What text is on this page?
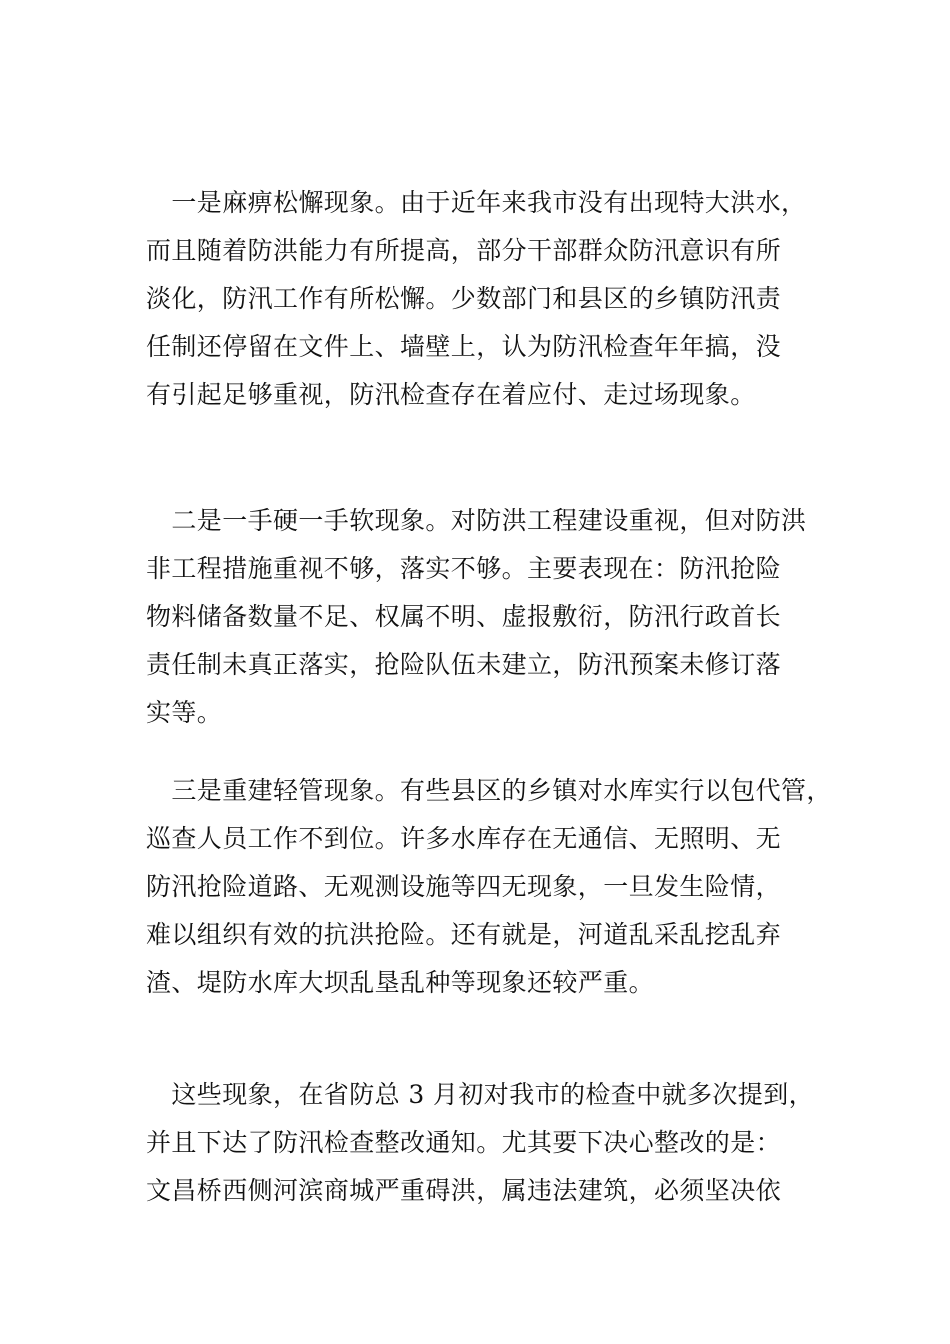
　一是麻痹松懈现象。由于近年来我市没有出现特大洪水，
而且随着防洪能力有所提高，部分干部群众防汛意识有所
淡化，防汛工作有所松懈。少数部门和县区的乡镇防汛责
任制还停留在文件上、墙壁上，认为防汛检查年年搞，没
有引起足够重视，防汛检查存在着应付、走过场现象。
　二是一手硬一手软现象。对防洪工程建设重视，但对防洪
非工程措施重视不够，落实不够。主要表现在：防汛抢险
物料储备数量不足、权属不明、虚报敷衍，防汛行政首长
责任制未真正落实，抢险队伍未建立，防汛预案未修订落
实等。
　三是重建轻管现象。有些县区的乡镇对水库实行以包代管，
巡查人员工作不到位。许多水库存在无通信、无照明、无
防汛抢险道路、无观测设施等四无现象，一旦发生险情，
难以组织有效的抗洪抢险。还有就是，河道乱采乱挖乱弃
渣、堤防水库大坝乱垦乱种等现象还较严重。
　这些现象，在省防总 3 月初对我市的检查中就多次提到，
并且下达了防汛检查整改通知。尤其要下决心整改的是：
文昌桥西侧河滨商城严重碍洪，属违法建筑，必须坚决依
